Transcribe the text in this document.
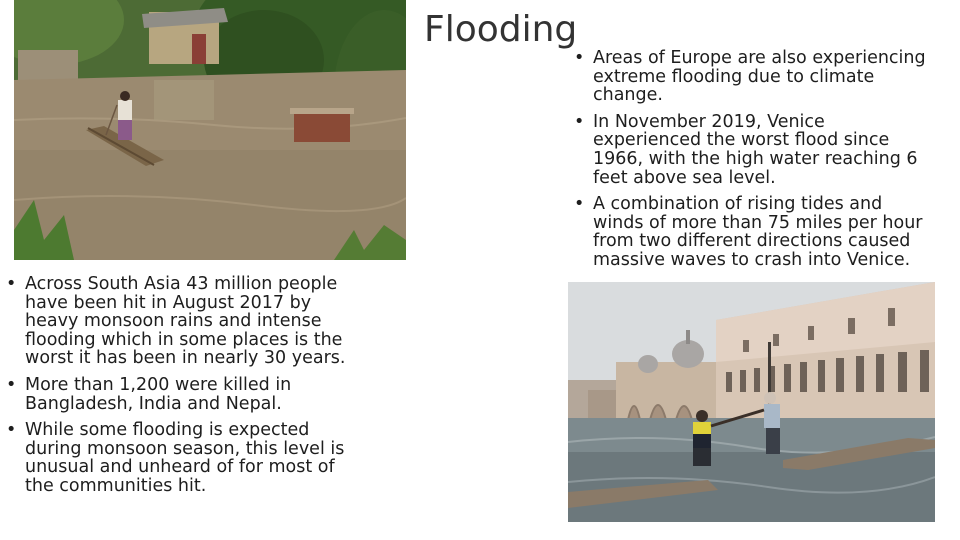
Flooding
• Areas of Europe are also experiencing extreme flooding due to climate change.
• In November 2019, Venice experienced the worst flood since 1966, with the high water reaching 6 feet above sea level.
• A combination of rising tides and winds of more than 75 miles per hour from two different directions caused massive waves to crash into Venice.
• Across South Asia 43 million people have been hit in August 2017 by heavy monsoon rains and intense flooding which in some places is the worst it has been in nearly 30 years.
• More than 1,200 were killed in Bangladesh, India and Nepal.
• While some flooding is expected during monsoon season, this level is unusual and unheard of for most of the communities hit.
